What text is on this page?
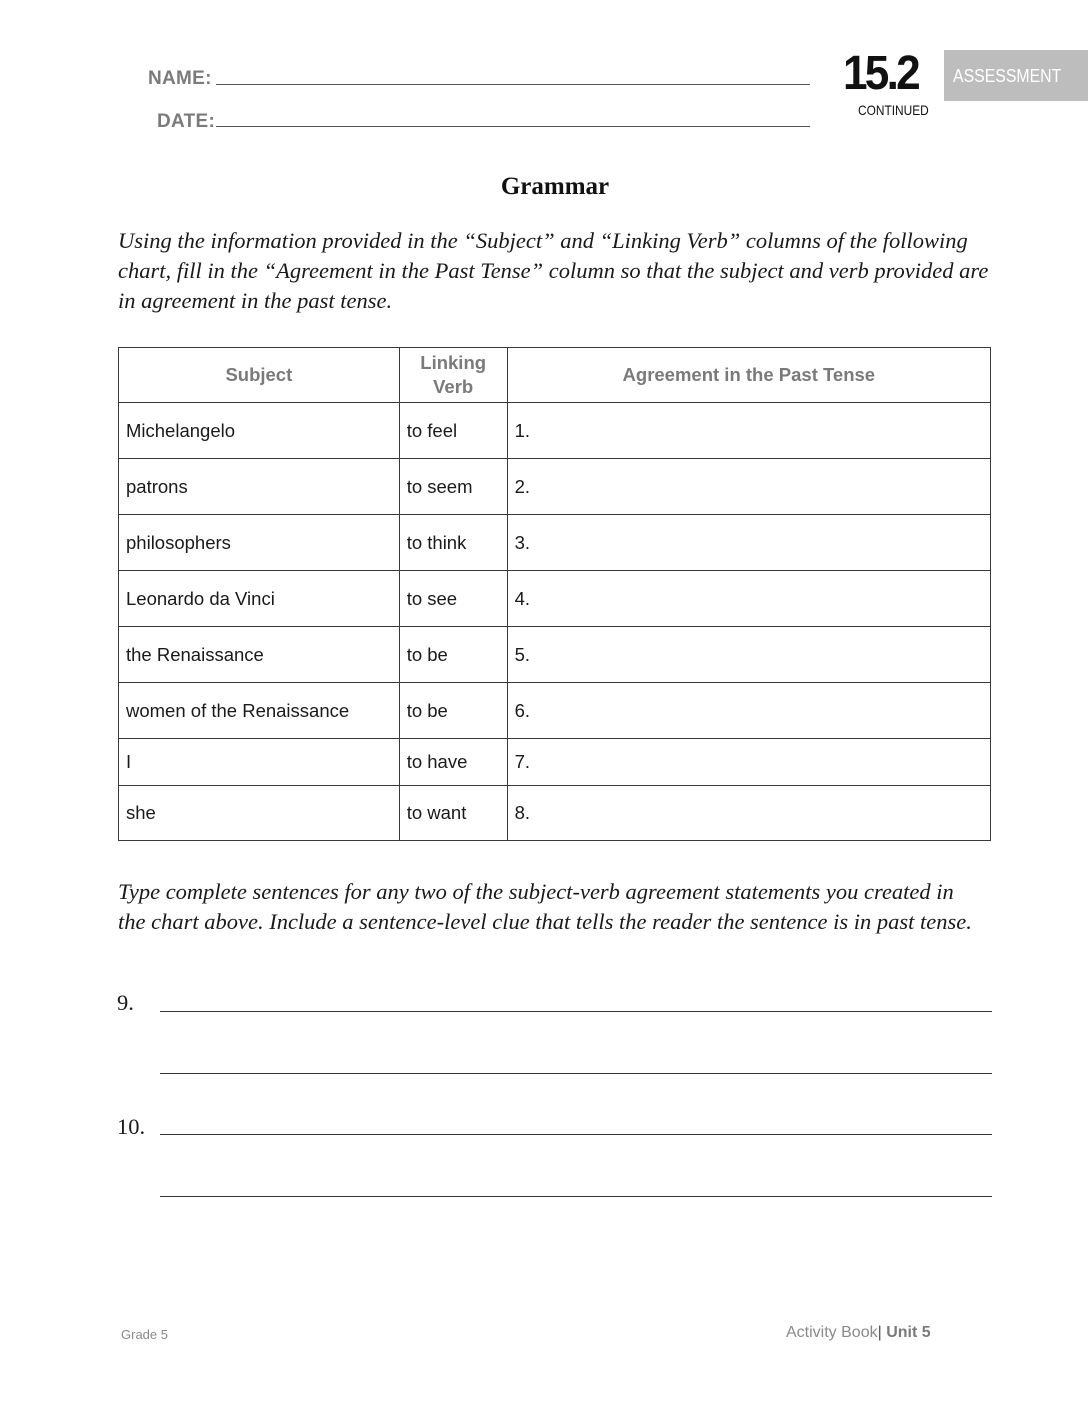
NAME:
DATE:
15.2
CONTINUED
ASSESSMENT
Grammar
Using the information provided in the “Subject” and “Linking Verb” columns of the following chart, fill in the “Agreement in the Past Tense” column so that the subject and verb provided are in agreement in the past tense.
Subject	Linking Verb	Agreement in the Past Tense
Michelangelo	to feel	1.
patrons	to seem	2.
philosophers	to think	3.
Leonardo da Vinci	to see	4.
the Renaissance	to be	5.
women of the Renaissance	to be	6.
I	to have	7.
she	to want	8.
Type complete sentences for any two of the subject-verb agreement statements you created in the chart above. Include a sentence-level clue that tells the reader the sentence is in past tense.
9.
10.
Grade 5	Activity Book| Unit 5
